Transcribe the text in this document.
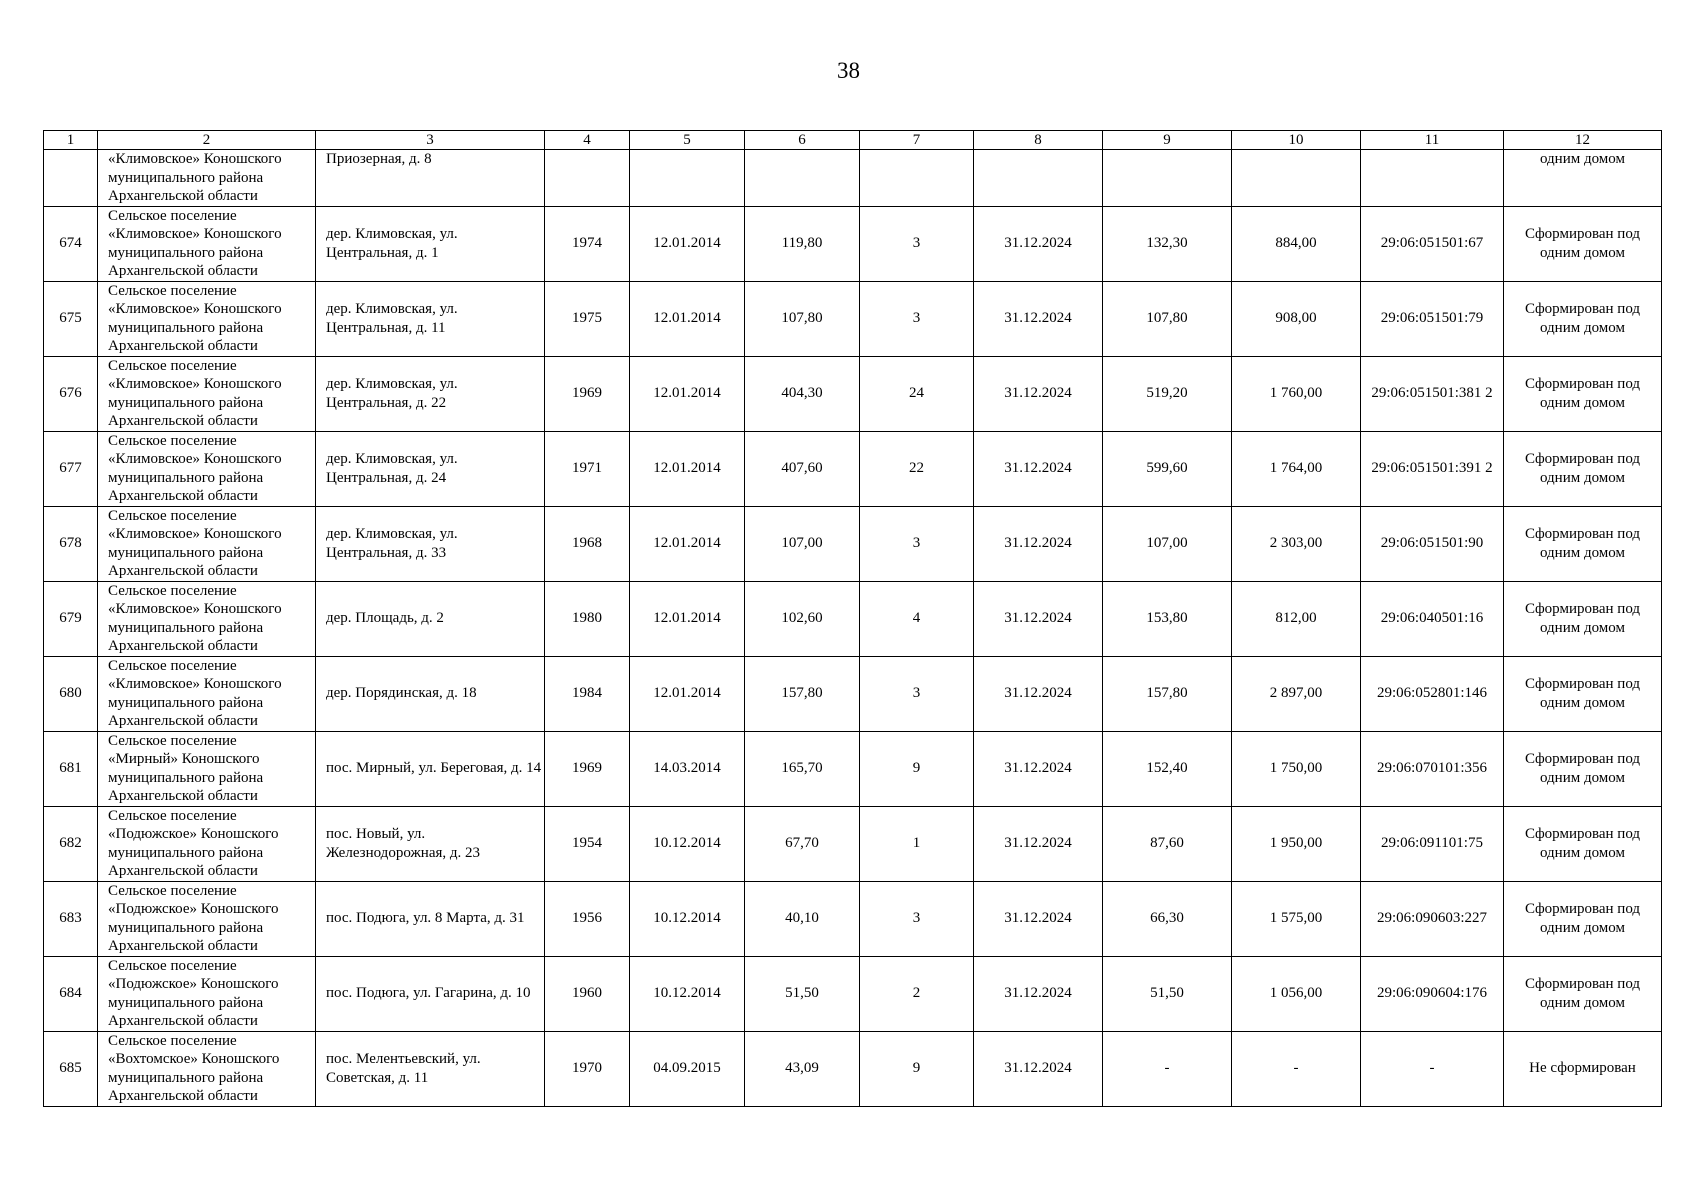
38
1	2	3	4	5	6	7	8	9	10	11	12

	«Климовское» Коношского
муниципального района
Архангельской области	Приозерная, д. 8									одним домом
674	Сельское поселение
«Климовское» Коношского
муниципального района
Архангельской области	дер. Климовская, ул. Центральная, д. 1	1974	12.01.2014	119,80	3	31.12.2024	132,30	884,00	29:06:051501:67	Сформирован под одним домом
675	Сельское поселение
«Климовское» Коношского
муниципального района
Архангельской области	дер. Климовская, ул. Центральная, д. 11	1975	12.01.2014	107,80	3	31.12.2024	107,80	908,00	29:06:051501:79	Сформирован под одним домом
676	Сельское поселение
«Климовское» Коношского
муниципального района
Архангельской области	дер. Климовская, ул. Центральная, д. 22	1969	12.01.2014	404,30	24	31.12.2024	519,20	1 760,00	29:06:051501:381 2	Сформирован под одним домом
677	Сельское поселение
«Климовское» Коношского
муниципального района
Архангельской области	дер. Климовская, ул. Центральная, д. 24	1971	12.01.2014	407,60	22	31.12.2024	599,60	1 764,00	29:06:051501:391 2	Сформирован под одним домом
678	Сельское поселение
«Климовское» Коношского
муниципального района
Архангельской области	дер. Климовская, ул. Центральная, д. 33	1968	12.01.2014	107,00	3	31.12.2024	107,00	2 303,00	29:06:051501:90	Сформирован под одним домом
679	Сельское поселение
«Климовское» Коношского
муниципального района
Архангельской области	дер. Площадь, д. 2	1980	12.01.2014	102,60	4	31.12.2024	153,80	812,00	29:06:040501:16	Сформирован под одним домом
680	Сельское поселение
«Климовское» Коношского
муниципального района
Архангельской области	дер. Порядинская, д. 18	1984	12.01.2014	157,80	3	31.12.2024	157,80	2 897,00	29:06:052801:146	Сформирован под одним домом
681	Сельское поселение
«Мирный» Коношского
муниципального района
Архангельской области	пос. Мирный, ул. Береговая, д. 14	1969	14.03.2014	165,70	9	31.12.2024	152,40	1 750,00	29:06:070101:356	Сформирован под одним домом
682	Сельское поселение
«Подюжское» Коношского
муниципального района
Архангельской области	пос. Новый, ул. Железнодорожная, д. 23	1954	10.12.2014	67,70	1	31.12.2024	87,60	1 950,00	29:06:091101:75	Сформирован под одним домом
683	Сельское поселение
«Подюжское» Коношского
муниципального района
Архангельской области	пос. Подюга, ул. 8 Марта, д. 31	1956	10.12.2014	40,10	3	31.12.2024	66,30	1 575,00	29:06:090603:227	Сформирован под одним домом
684	Сельское поселение
«Подюжское» Коношского
муниципального района
Архангельской области	пос. Подюга, ул. Гагарина, д. 10	1960	10.12.2014	51,50	2	31.12.2024	51,50	1 056,00	29:06:090604:176	Сформирован под одним домом
685	Сельское поселение
«Вохтомское» Коношского
муниципального района
Архангельской области	пос. Мелентьевский, ул. Советская, д. 11	1970	04.09.2015	43,09	9	31.12.2024	-	-	-	Не сформирован
